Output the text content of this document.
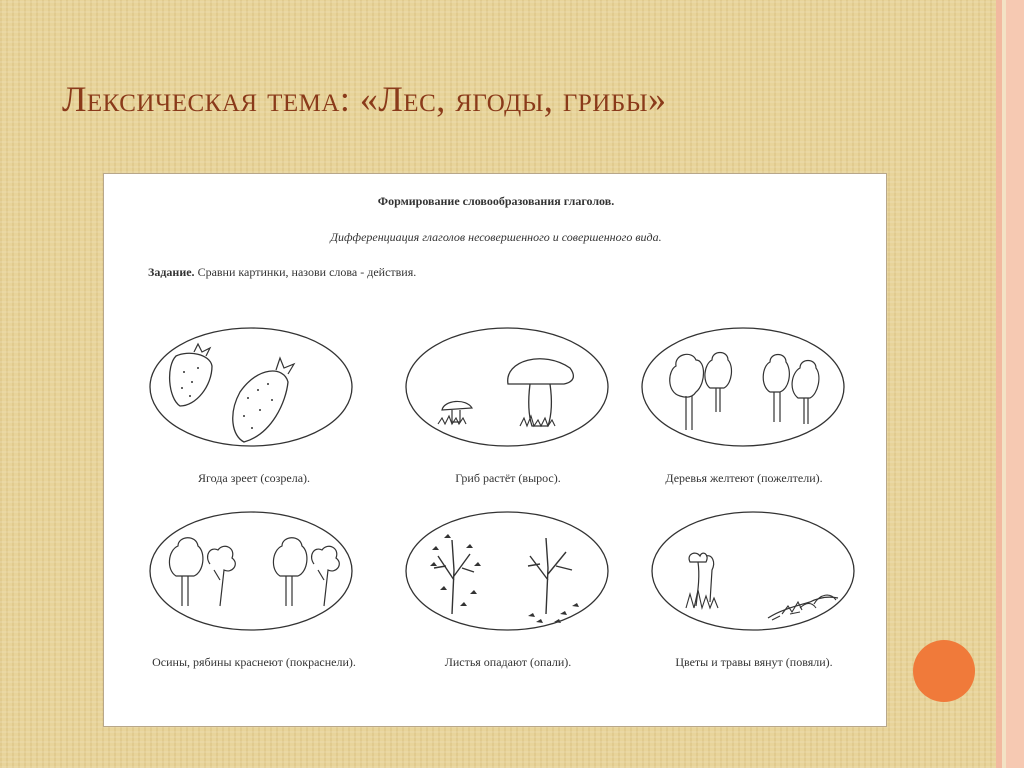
Лексическая тема: «Лес, ягоды, грибы»
Формирование словообразования глаголов.
Дифференциация глаголов несовершенного и совершенного вида.
Задание. Сравни картинки, назови слова - действия.
Ягода зреет (созрела).	Гриб растёт (вырос).	Деревья желтеют (пожелтели).
Осины, рябины краснеют (покраснели).	Листья опадают (опали).	Цветы и травы вянут (повяли).
